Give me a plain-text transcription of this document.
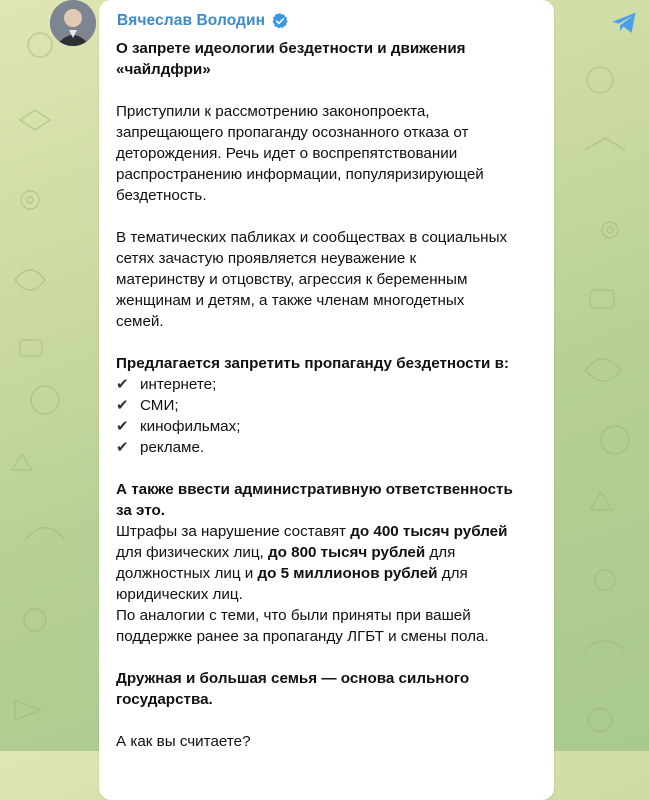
Вячеслав Володин

О запрете идеологии бездетности и движения
«чайлдфри»

Приступили к рассмотрению законопроекта,
запрещающего пропаганду осознанного отказа от
деторождения. Речь идет о воспрепятствовании
распространению информации, популяризирующей
бездетность.

В тематических пабликах и сообществах в социальных
сетях зачастую проявляется неуважение к
материнству и отцовству, агрессия к беременным
женщинам и детям, а также членам многодетных
семей.

Предлагается запретить пропаганду бездетности в:
✔ интернете;
✔ СМИ;
✔ кинофильмах;
✔ рекламе.

А также ввести административную ответственность
за это.
Штрафы за нарушение составят до 400 тысяч рублей
для физических лиц, до 800 тысяч рублей для
должностных лиц и до 5 миллионов рублей для
юридических лиц.
По аналогии с теми, что были приняты при вашей
поддержке ранее за пропаганду ЛГБТ и смены пола.

Дружная и большая семья — основа сильного
государства.

А как вы считаете?
